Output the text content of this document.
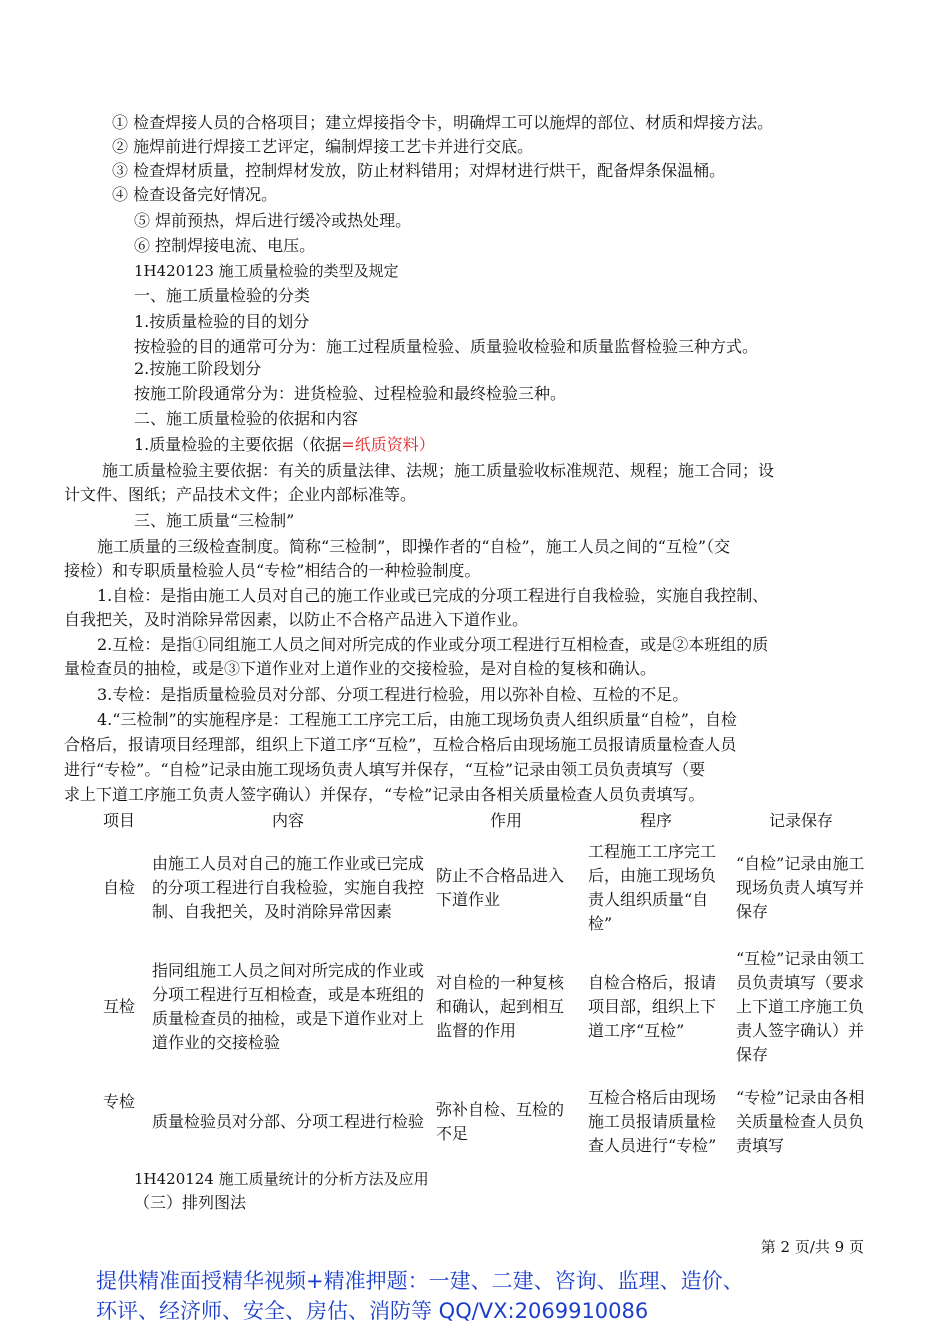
① 检查焊接人员的合格项目；建立焊接指令卡，明确焊工可以施焊的部位、材质和焊接方法。
② 施焊前进行焊接工艺评定，编制焊接工艺卡并进行交底。
③ 检查焊材质量，控制焊材发放，防止材料错用；对焊材进行烘干，配备焊条保温桶。
④ 检查设备完好情况。
⑤ 焊前预热，焊后进行缓冷或热处理。
⑥ 控制焊接电流、电压。
1H420123 施工质量检验的类型及规定
一、施工质量检验的分类
1.按质量检验的目的划分
按检验的目的通常可分为：施工过程质量检验、质量验收检验和质量监督检验三种方式。
2.按施工阶段划分
按施工阶段通常分为：进货检验、过程检验和最终检验三种。
二、施工质量检验的依据和内容
1.质量检验的主要依据（依据=纸质资料）
施工质量检验主要依据：有关的质量法律、法规；施工质量验收标准规范、规程；施工合同；设
计文件、图纸；产品技术文件；企业内部标准等。
三、施工质量“三检制”
施工质量的三级检查制度。简称“三检制”，即操作者的“自检”，施工人员之间的“互检”（交
接检）和专职质量检验人员“专检”相结合的一种检验制度。
1.自检：是指由施工人员对自己的施工作业或已完成的分项工程进行自我检验，实施自我控制、
自我把关，及时消除异常因素，以防止不合格产品进入下道作业。
2.互检：是指①同组施工人员之间对所完成的作业或分项工程进行互相检查，或是②本班组的质
量检查员的抽检，或是③下道作业对上道作业的交接检验，是对自检的复核和确认。
3.专检：是指质量检验员对分部、分项工程进行检验，用以弥补自检、互检的不足。
4.“三检制”的实施程序是：工程施工工序完工后，由施工现场负责人组织质量“自检”，自检
合格后，报请项目经理部，组织上下道工序“互检”，互检合格后由现场施工员报请质量检查人员
进行“专检”。“自检”记录由施工现场负责人填写并保存，“互检”记录由领工员负责填写（要
求上下道工序施工负责人签字确认）并保存，“专检”记录由各相关质量检查人员负责填写。
项目	内容	作用	程序	记录保存
自检	由施工人员对自己的施工作业或已完成的分项工程进行自我检验，实施自我控制、自我把关，及时消除异常因素	防止不合格品进入下道作业	工程施工工序完工后，由施工现场负责人组织质量“自检”	“自检”记录由施工现场负责人填写并保存
互检	指同组施工人员之间对所完成的作业或分项工程进行互相检查，或是本班组的质量检查员的抽检，或是下道作业对上道作业的交接检验	对自检的一种复核和确认，起到相互监督的作用	自检合格后，报请项目部，组织上下道工序“互检”	“互检”记录由领工员负责填写（要求上下道工序施工负责人签字确认）并保存
专检	质量检验员对分部、分项工程进行检验	弥补自检、互检的不足	互检合格后由现场施工员报请质量检查人员进行“专检”	“专检”记录由各相关质量检查人员负责填写
1H420124 施工质量统计的分析方法及应用
（三）排列图法
第 2 页/共 9 页
提供精准面授精华视频+精准押题：一建、二建、咨询、监理、造价、
环评、经济师、安全、房估、消防等 QQ/VX:2069910086
